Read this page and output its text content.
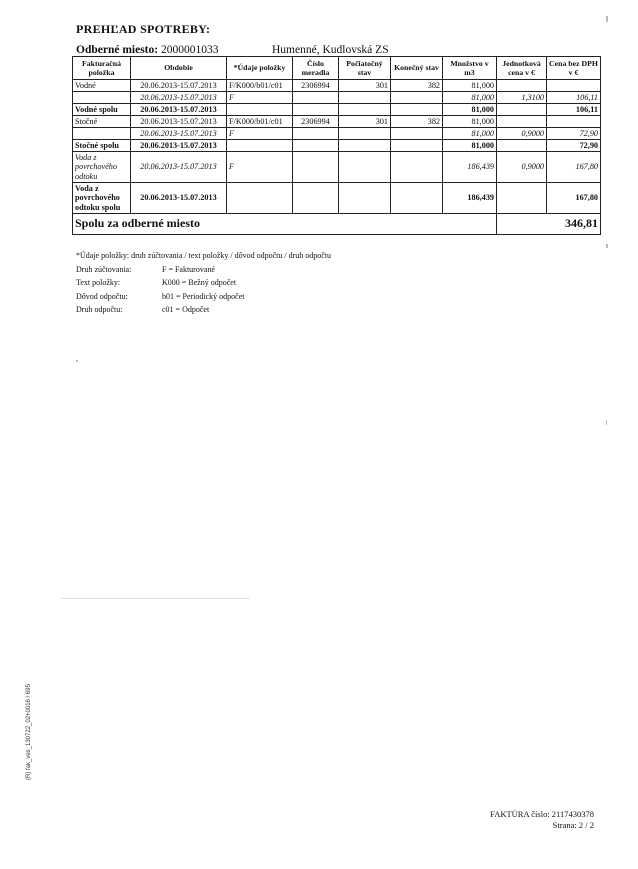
PREHĽAD SPOTREBY:
Odberné miesto: 2000001033	Humenné, Kudlovská ZS
Fakturačná položka	Obdobie	*Údaje položky	Číslo meradla	Počiatočný stav	Konečný stav	Množstvo v m3	Jednotková cena v €	Cena bez DPH v €
Vodné	20.06.2013-15.07.2013	F/K000/b01/c01	2306994	301	382	81,000		
	20.06.2013-15.07.2013	F				81,000	1,3100	106,11
Vodné spolu	20.06.2013-15.07.2013					81,000		106,11
Stočné	20.06.2013-15.07.2013	F/K000/b01/c01	2306994	301	382	81,000		
	20.06.2013-15.07.2013	F				81,000	0,9000	72,90
Stočné spolu	20.06.2013-15.07.2013					81,000		72,90
Voda z povrchového odtoku	20.06.2013-15.07.2013	F				186,439	0,9000	167,80
Voda z povrchového odtoku spolu	20.06.2013-15.07.2013					186,439		167,80
Spolu za odberné miesto							346,81	
*Údaje položky: druh zúčtovania / text položky / dôvod odpočtu / druh odpočtu
Druh zúčtovania:	F = Fakturované
Text položky:	K000 = Bežný odpočet
Dôvod odpočtu:	b01 = Periodický odpočet
Druh odpočtu:	c01 = Odpočet
(R) fak_ves_130722_02+0016 / 695
FAKTÚRA číslo: 2117430378
Strana: 2 / 2
